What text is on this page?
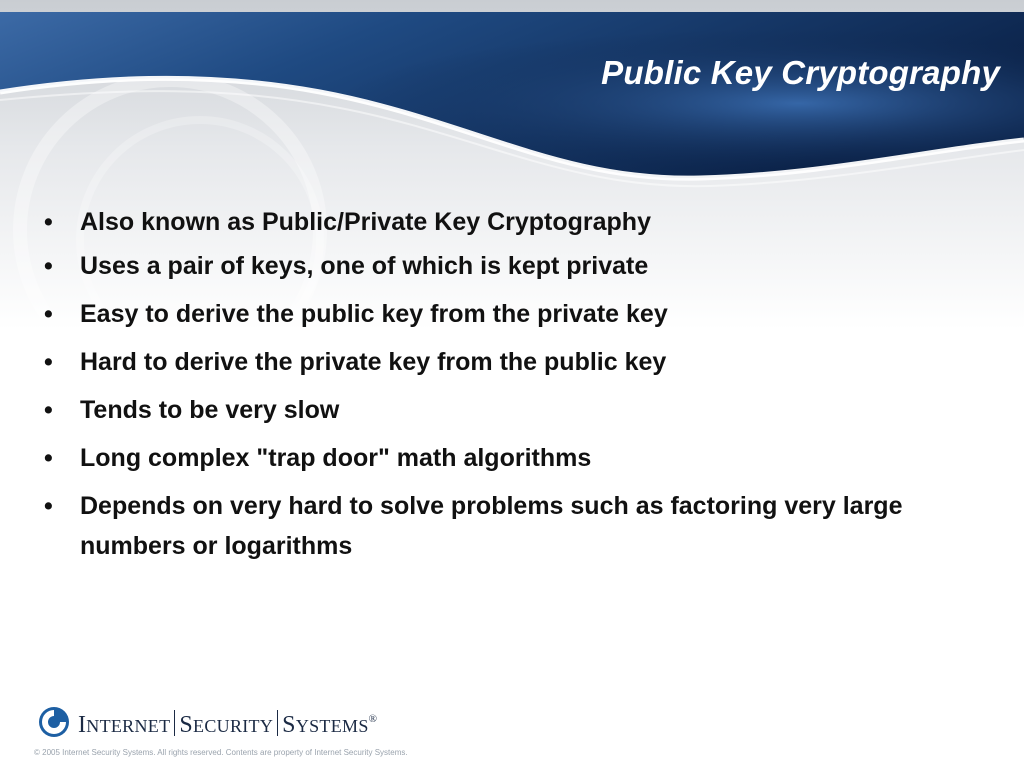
Public Key Cryptography
• Also known as Public/Private Key Cryptography
• Uses a pair of keys, one of which is kept private
• Easy to derive the public key from the private key
• Hard to derive the private key from the public key
• Tends to be very slow
• Long complex "trap door" math algorithms
• Depends on very hard to solve problems such as factoring very large numbers or logarithms
INTERNET SECURITY SYSTEMS®
© 2005 Internet Security Systems. All rights reserved. Contents are property of Internet Security Systems.
